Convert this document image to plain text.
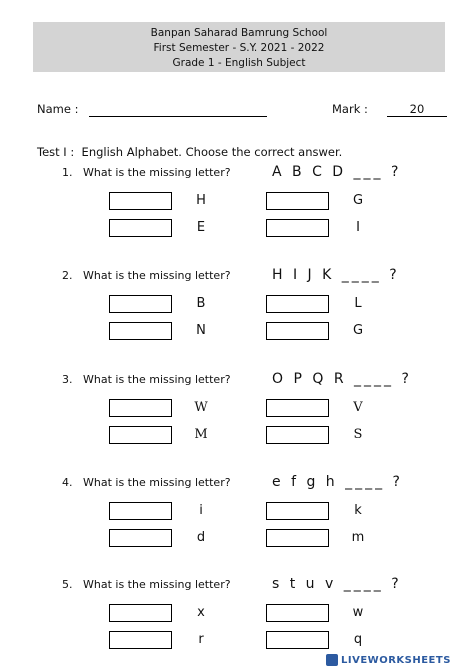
Banpan Saharad Bamrung School
First Semester - S.Y. 2021 - 2022
Grade 1 - English Subject
Name :	Mark :	20
Test I : English Alphabet. Choose the correct answer.
1. What is the missing letter?	A B C D ___ ?
H	G
E	I
2. What is the missing letter?	H I J K ____ ?
B	L
N	G
3. What is the missing letter?	O P Q R ____ ?
W	V
M	S
4. What is the missing letter?	e f g h ____ ?
i	k
d	m
5. What is the missing letter?	s t u v ____ ?
x	w
r	q
LIVEWORKSHEETS
